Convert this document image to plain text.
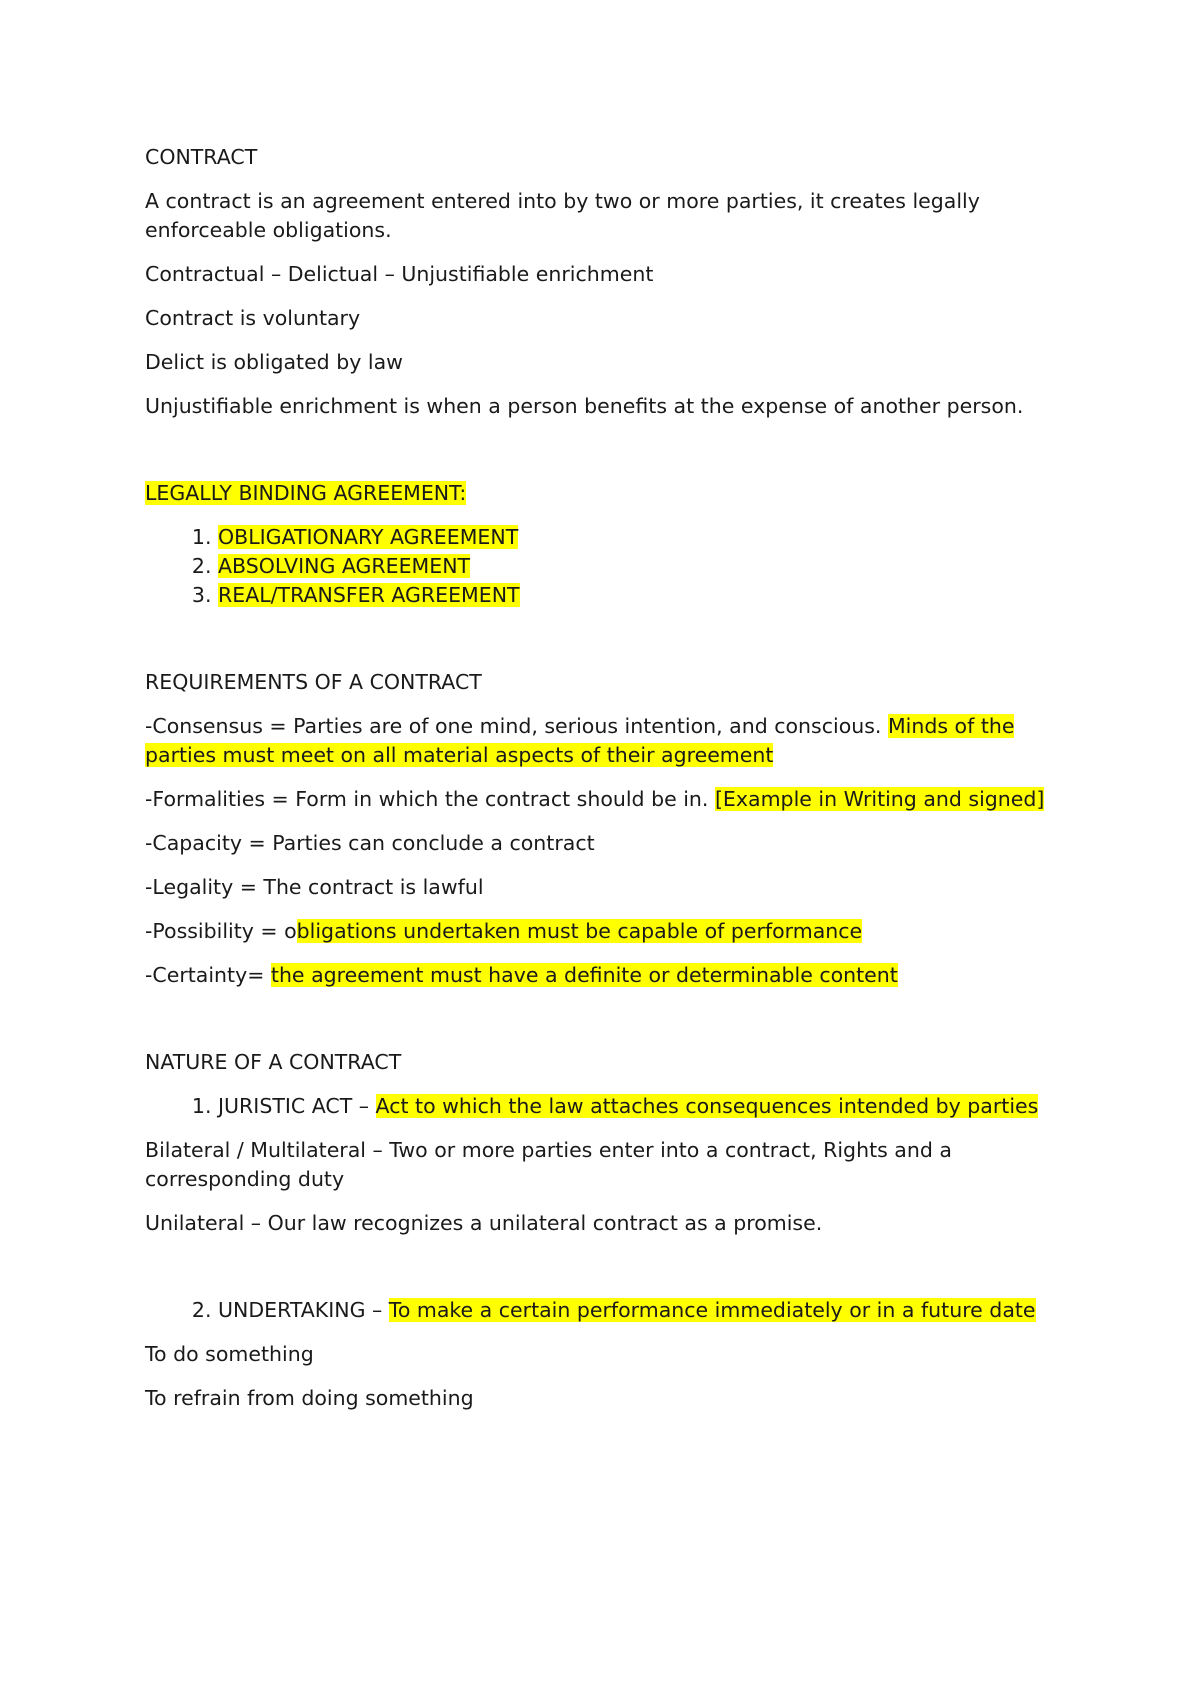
CONTRACT

A contract is an agreement entered into by two or more parties, it creates legally enforceable obligations.

Contractual – Delictual – Unjustifiable enrichment

Contract is voluntary

Delict is obligated by law

Unjustifiable enrichment is when a person benefits at the expense of another person.

LEGALLY BINDING AGREEMENT:

1. OBLIGATIONARY AGREEMENT
2. ABSOLVING AGREEMENT
3. REAL/TRANSFER AGREEMENT

REQUIREMENTS OF A CONTRACT

-Consensus = Parties are of one mind, serious intention, and conscious. Minds of the parties must meet on all material aspects of their agreement

-Formalities = Form in which the contract should be in. [Example in Writing and signed]

-Capacity = Parties can conclude a contract

-Legality = The contract is lawful

-Possibility = obligations undertaken must be capable of performance

-Certainty= the agreement must have a definite or determinable content

NATURE OF A CONTRACT

1. JURISTIC ACT – Act to which the law attaches consequences intended by parties

Bilateral / Multilateral – Two or more parties enter into a contract, Rights and a corresponding duty

Unilateral – Our law recognizes a unilateral contract as a promise.

2. UNDERTAKING – To make a certain performance immediately or in a future date

To do something

To refrain from doing something
